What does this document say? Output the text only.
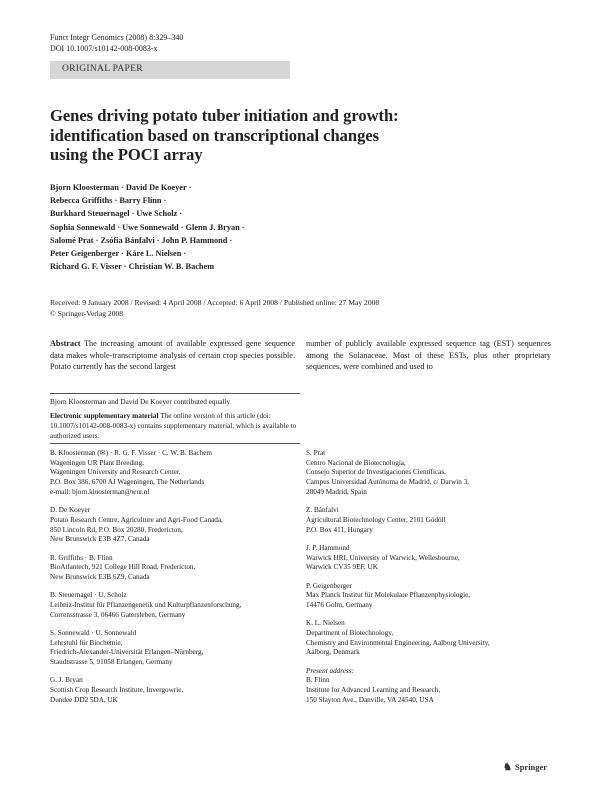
Funct Integr Genomics (2008) 8:329–340
DOI 10.1007/s10142-008-0083-x
ORIGINAL PAPER
Genes driving potato tuber initiation and growth:
identification based on transcriptional changes
using the POCI array
Bjorn Kloosterman · David De Koeyer ·
Rebecca Griffiths · Barry Flinn ·
Burkhard Steuernagel · Uwe Scholz ·
Sophia Sonnewald · Uwe Sonnewald · Glenn J. Bryan ·
Salomé Prat · Zsófia Bánfalvi · John P. Hammond ·
Peter Geigenberger · Kåre L. Nielsen ·
Richard G. F. Visser · Christian W. B. Bachem
Received: 9 January 2008 / Revised: 4 April 2008 / Accepted: 6 April 2008 / Published online: 27 May 2008
© Springer-Verlag 2008
Abstract The increasing amount of available expressed gene sequence data makes whole-transcriptome analysis of certain crop species possible. Potato currently has the second largest
number of publicly available expressed sequence tag (EST) sequences among the Solanaceae. Most of these ESTs, plus other proprietary sequences, were combined and used to
Bjorn Kloosterman and David De Koeyer contributed equally
Electronic supplementary material The online version of this article (doi: 10.1007/s10142-008-0083-x) contains supplementary material, which is available to authorized users.
B. Kloosterman (✉) · R. G. F. Visser · C. W. B. Bachem
Wageningen UR Plant Breeding,
Wageningen University and Research Center,
P.O. Box 386, 6700 AJ Wageningen, The Netherlands
e-mail: bjorn.kloosterman@wur.nl
D. De Koeyer
Potato Research Centre, Agriculture and Agri-Food Canada,
850 Lincoln Rd, P.O. Box 20280, Fredericton,
New Brunswick E3B 4Z7, Canada
R. Griffiths · B. Flinn
BioAtlantech, 921 College Hill Road, Fredericton,
New Brunswick E3B 6Z9, Canada
B. Steuernagel · U. Scholz
Leibniz-Institut für Pflanzengenetik und Kulturpflanzenforschung,
Corrensstrasse 3, 06466 Gatersleben, Germany
S. Sonnewald · U. Sonnewald
Lehrstuhl für Biochemie,
Friedrich-Alexander-Universität Erlangen–Nürnberg,
Staudtstrasse 5, 91058 Erlangen, Germany
G. J. Bryan
Scottish Crop Research Institute, Invergowrie,
Dundee DD2 5DA, UK
S. Prat
Centro Nacional de Biotecnología,
Consejo Superior de Investigaciones Científicas,
Campus Universidad Autónoma de Madrid, c/ Darwin 3,
28049 Madrid, Spain
Z. Bánfalvi
Agricultural Biotechnology Center, 2101 Gödöll
P.O. Box 411, Hungary
J. P. Hammond
Warwick HRI, University of Warwick, Wellesbourne,
Warwick CV35 9EF, UK
P. Geigenberger
Max Planck Institut für Molekulare Pflanzenphysiologie,
14476 Golm, Germany
K. L. Nielsen
Department of Biotechnology,
Chemistry and Environmental Engineering, Aalborg University,
Aalborg, Denmark
Present address:
B. Flinn
Institute for Advanced Learning and Research,
150 Slayton Ave., Danville, VA 24540, USA
♞ Springer
